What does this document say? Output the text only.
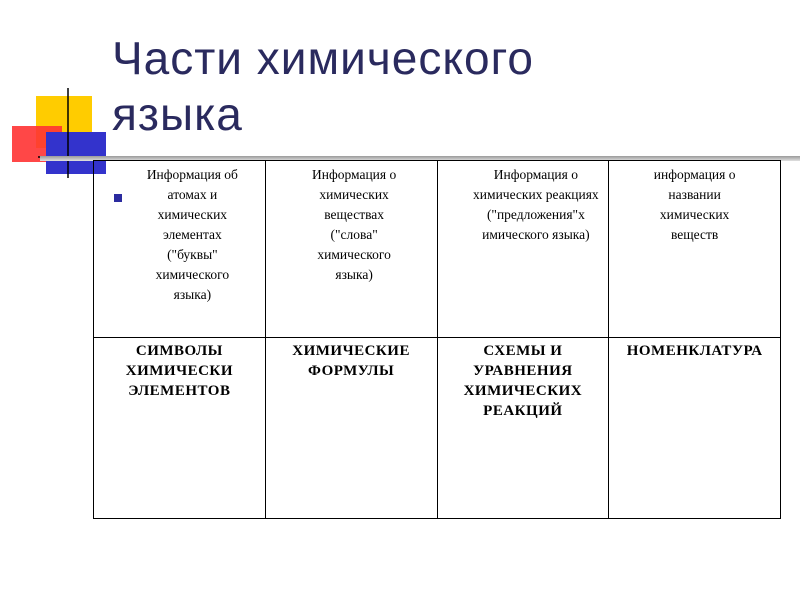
Части химического
языка
Информация об атомах и химических элементах ("буквы" химического языка)	Информация о химических веществах ("слова" химического языка)	Информация о химических реакциях ("предложения"х имического языка)	информация о названии химических веществ

СИМВОЛЫ ХИМИЧЕСКИ ЭЛЕМЕНТОВ	ХИМИЧЕСКИЕ ФОРМУЛЫ	СХЕМЫ И УРАВНЕНИЯ ХИМИЧЕСКИХ РЕАКЦИЙ	НОМЕНКЛАТУРА
